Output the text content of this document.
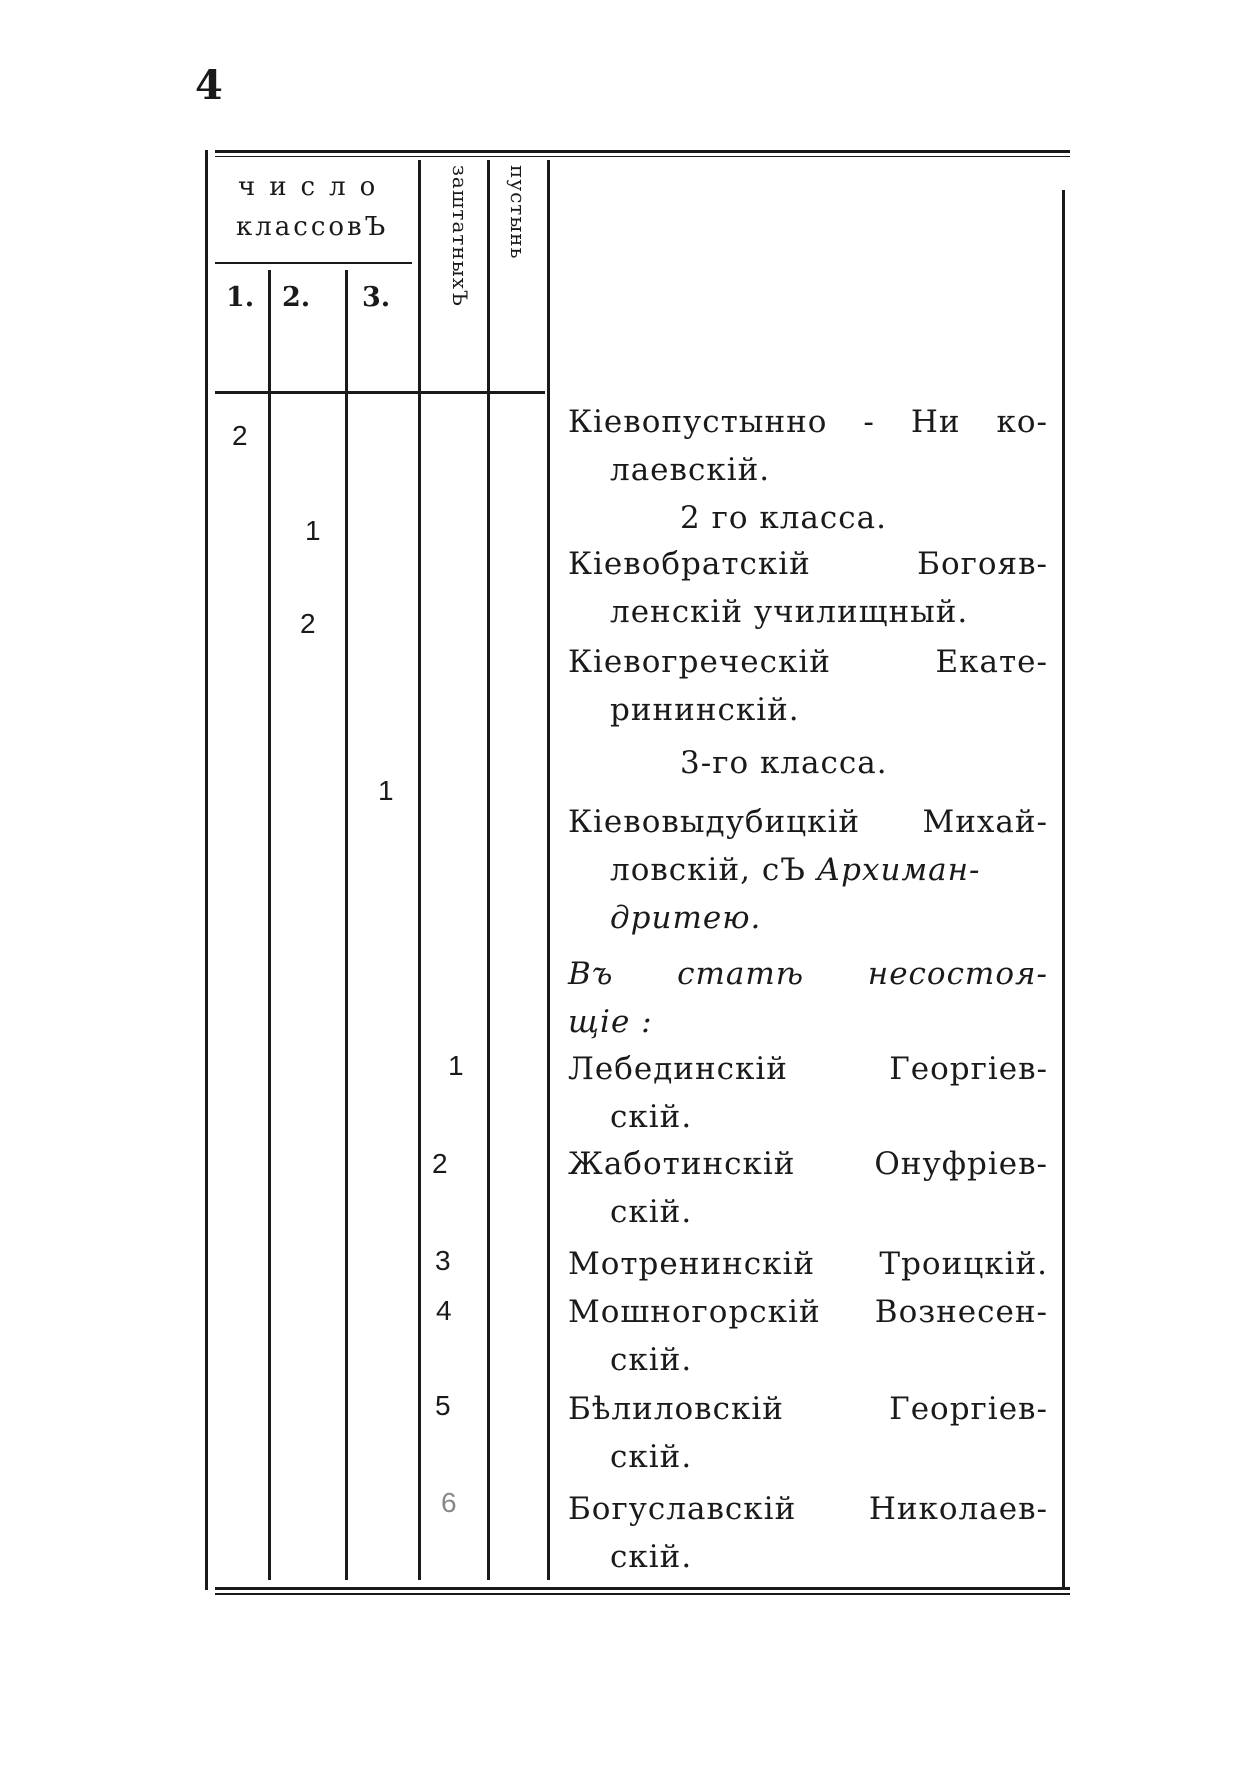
4
число
классовЪ
1. 2. 3.	заштатныхЪ пустынь
2
1
2
1
1
2
3
4
5
6
Кіевопустынно - Ни ко-
лаевскій.
2 го класса.
Кіевобратскій Богояв-
ленскій училищный.
Кіевогреческій Екате-
рининскій.
3-го класса.
Кіевовыдубицкій Михай-
ловскій, сЪ Архиман-
дритею.
Въ статѣ несостоя-
щіе :
Лебединскій Георгіев-
скій.
Жаботинскій Онуфріев-
скій.
Мотренинскій Троицкій.
Мошногорскій Вознесен-
скій.
Бѣлиловскій Георгіев-
скій.
Богуславскій Николаев-
скій.
